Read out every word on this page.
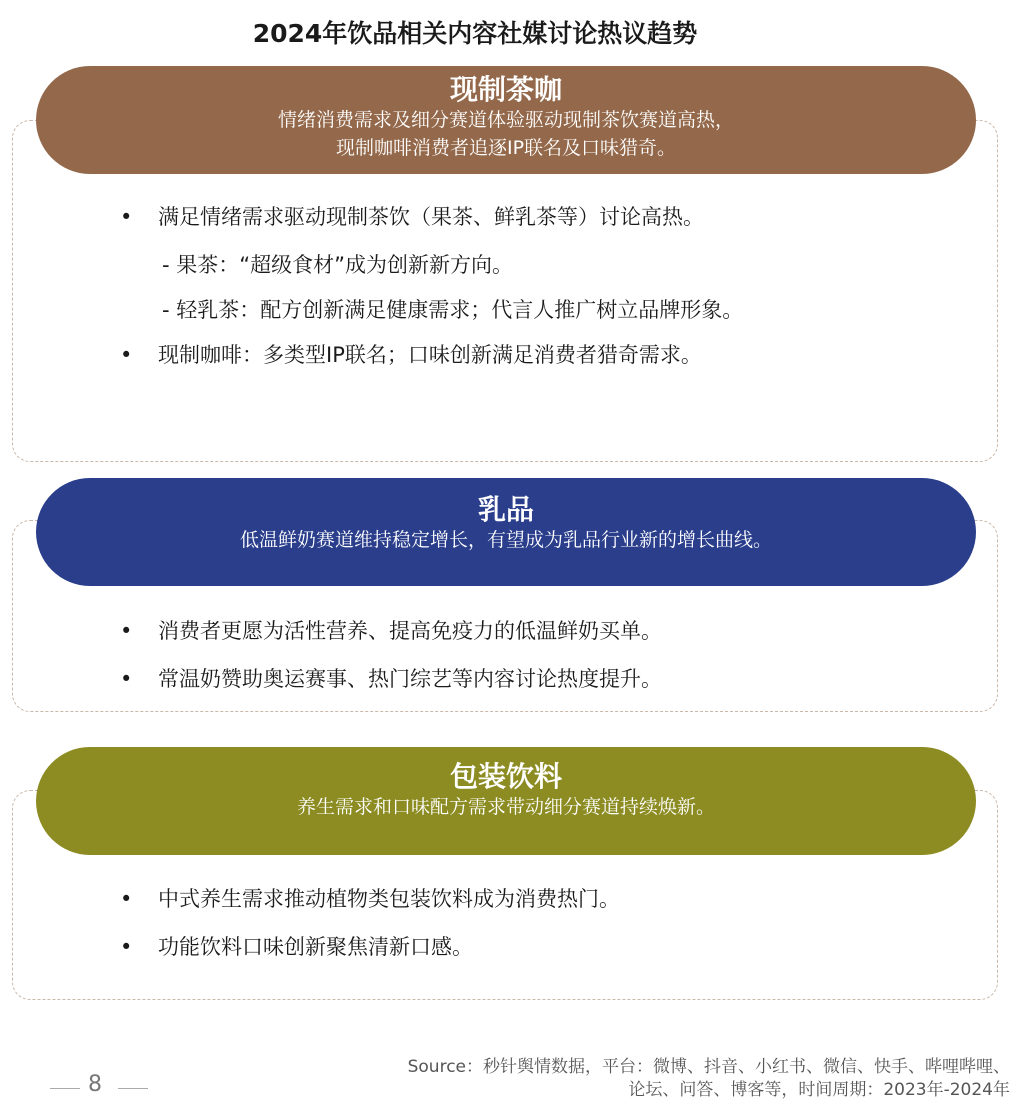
2024年饮品相关内容社媒讨论热议趋势
现制茶咖
情绪消费需求及细分赛道体验驱动现制茶饮赛道高热，
现制咖啡消费者追逐IP联名及口味猎奇。
• 满足情绪需求驱动现制茶饮（果茶、鲜乳茶等）讨论高热。
- 果茶：“超级食材”成为创新新方向。
- 轻乳茶：配方创新满足健康需求；代言人推广树立品牌形象。
• 现制咖啡：多类型IP联名；口味创新满足消费者猎奇需求。
乳品
低温鲜奶赛道维持稳定增长，有望成为乳品行业新的增长曲线。
• 消费者更愿为活性营养、提高免疫力的低温鲜奶买单。
• 常温奶赞助奥运赛事、热门综艺等内容讨论热度提升。
包装饮料
养生需求和口味配方需求带动细分赛道持续焕新。
• 中式养生需求推动植物类包装饮料成为消费热门。
• 功能饮料口味创新聚焦清新口感。
8
Source：秒针舆情数据，平台：微博、抖音、小红书、微信、快手、哔哩哔哩、
论坛、问答、博客等，时间周期：2023年-2024年
